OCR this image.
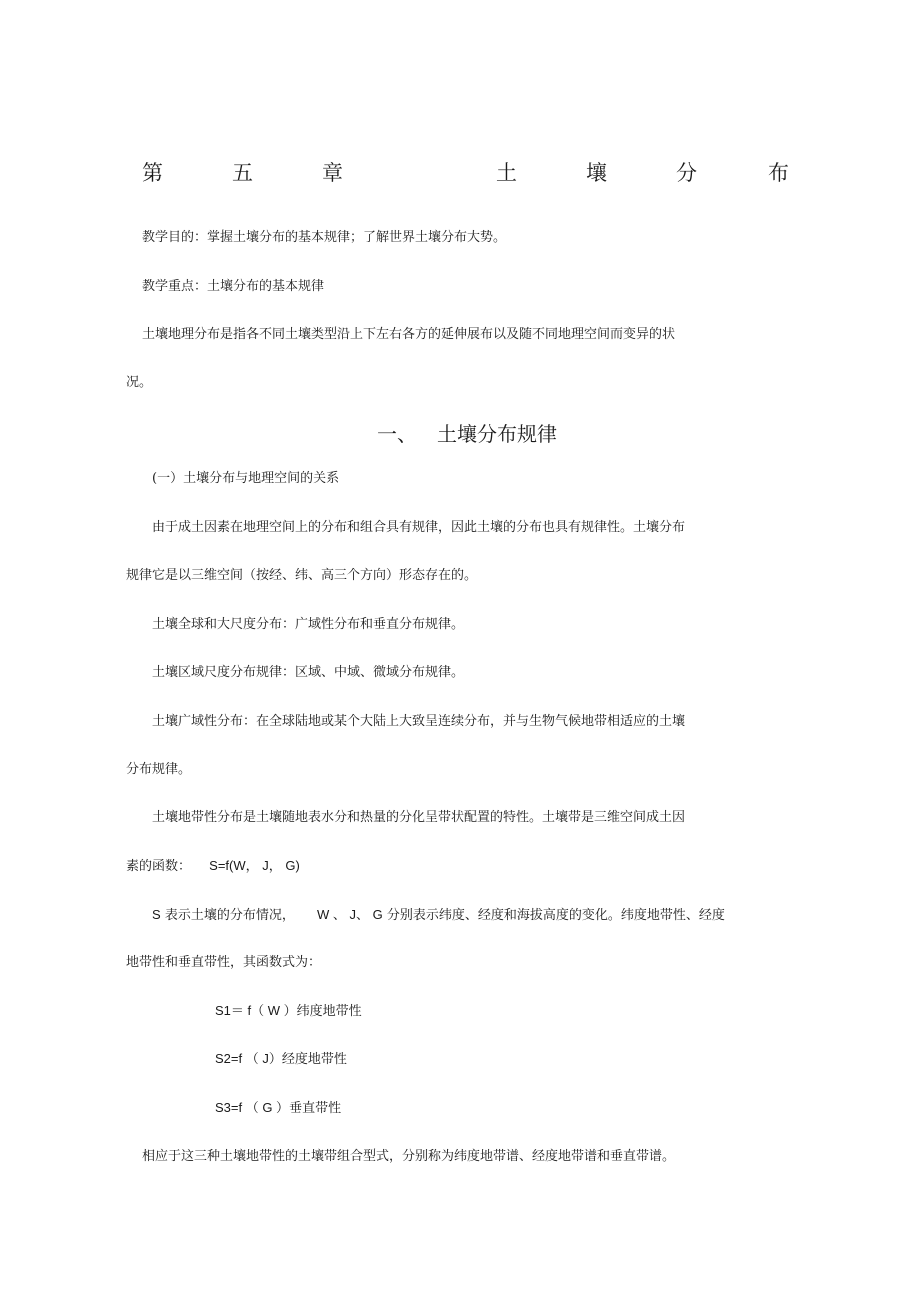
第	五	章	土	壤	分	布
教学目的：掌握土壤分布的基本规律；了解世界土壤分布大势。
教学重点：土壤分布的基本规律
土壤地理分布是指各不同土壤类型沿上下左右各方的延伸展布以及随不同地理空间而变异的状
况。
一、 土壤分布规律
(一）土壤分布与地理空间的关系
由于成土因素在地理空间上的分布和组合具有规律，因此土壤的分布也具有规律性。土壤分布
规律它是以三维空间（按经、纬、高三个方向）形态存在的。
土壤全球和大尺度分布：广域性分布和垂直分布规律。
土壤区域尺度分布规律：区域、中域、微域分布规律。
土壤广域性分布：在全球陆地或某个大陆上大致呈连续分布，并与生物气候地带相适应的土壤
分布规律。
土壤地带性分布是土壤随地表水分和热量的分化呈带状配置的特性。土壤带是三维空间成土因
素的函数： S=f(W， J， G)
S 表示土壤的分布情况， W 、 J、 G 分别表示纬度、经度和海拔高度的变化。纬度地带性、经度
地带性和垂直带性，其函数式为：
S1＝ f（ W ）纬度地带性
S2=f （ J）经度地带性
S3=f （ G ）垂直带性
相应于这三种土壤地带性的土壤带组合型式，分别称为纬度地带谱、经度地带谱和垂直带谱。
